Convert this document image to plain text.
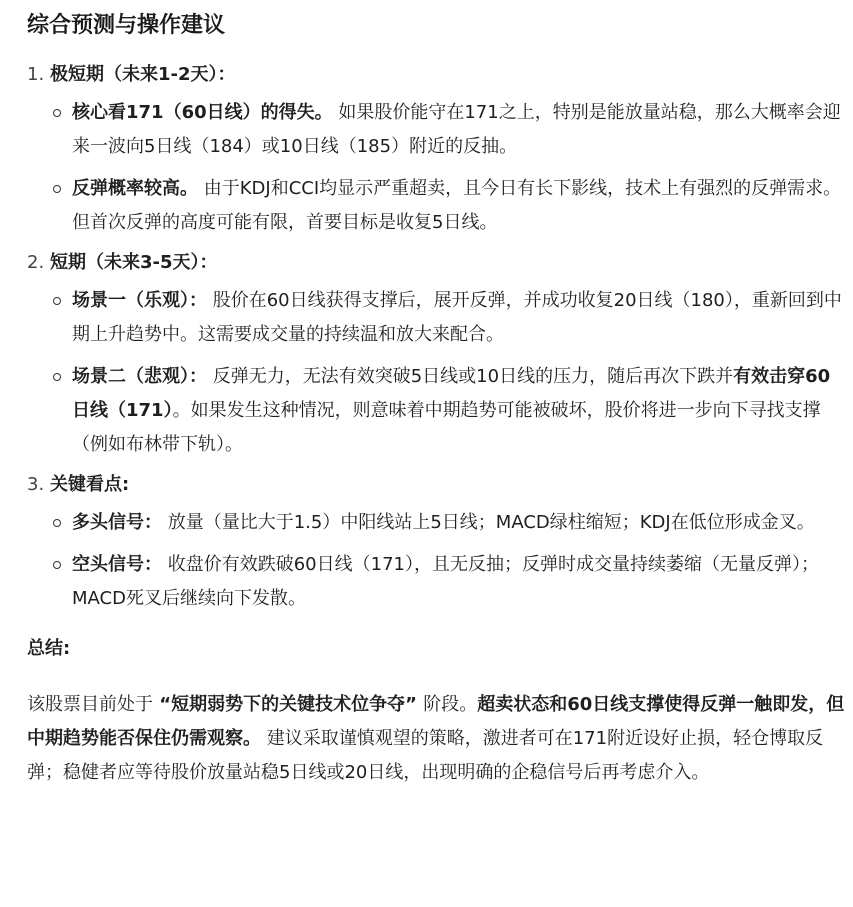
综合预测与操作建议
1. 极短期（未来1-2天）：
核心看171（60日线）的得失。 如果股价能守在171之上，特别是能放量站稳，那么大概率会迎来一波向5日线（184）或10日线（185）附近的反抽。
反弹概率较高。 由于KDJ和CCI均显示严重超卖，且今日有长下影线，技术上有强烈的反弹需求。但首次反弹的高度可能有限，首要目标是收复5日线。
2. 短期（未来3-5天）：
场景一（乐观）： 股价在60日线获得支撑后，展开反弹，并成功收复20日线（180），重新回到中期上升趋势中。这需要成交量的持续温和放大来配合。
场景二（悲观）： 反弹无力，无法有效突破5日线或10日线的压力，随后再次下跌并有效击穿60日线（171）。如果发生这种情况，则意味着中期趋势可能被破坏，股价将进一步向下寻找支撑（例如布林带下轨）。
3. 关键看点:
多头信号： 放量（量比大于1.5）中阳线站上5日线；MACD绿柱缩短；KDJ在低位形成金叉。
空头信号： 收盘价有效跌破60日线（171），且无反抽；反弹时成交量持续萎缩（无量反弹）；MACD死叉后继续向下发散。
总结:
该股票目前处于 “短期弱势下的关键技术位争夺” 阶段。超卖状态和60日线支撑使得反弹一触即发，但中期趋势能否保住仍需观察。 建议采取谨慎观望的策略，激进者可在171附近设好止损，轻仓博取反弹；稳健者应等待股价放量站稳5日线或20日线，出现明确的企稳信号后再考虑介入。
